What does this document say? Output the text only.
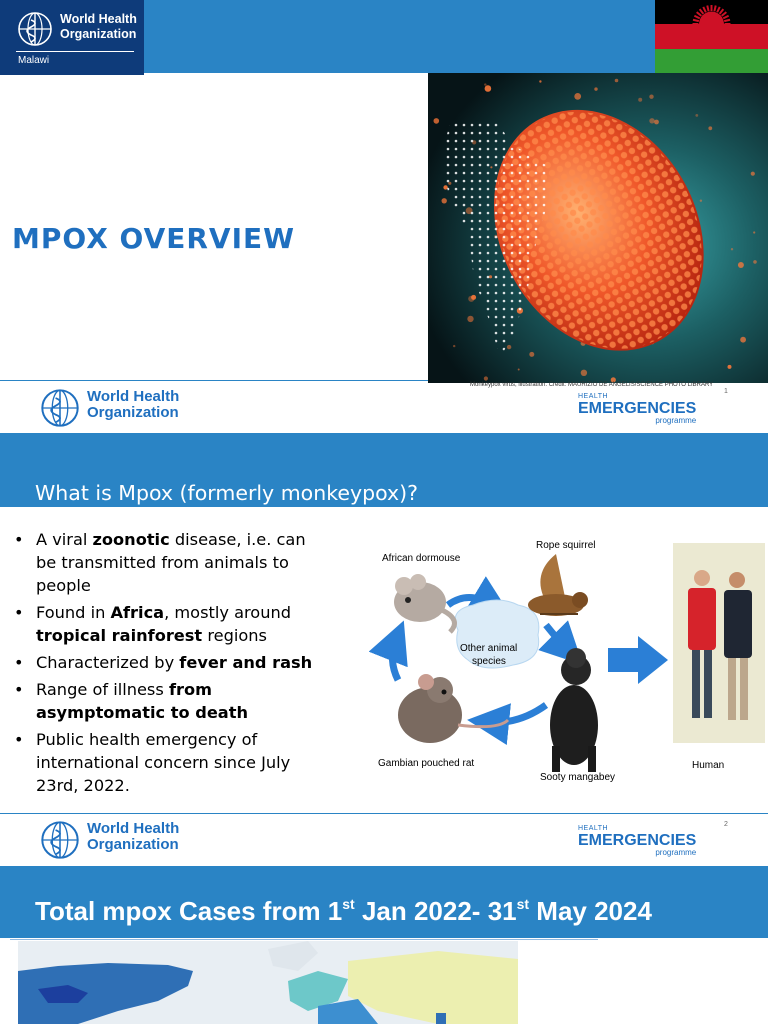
World Health
Organization
Malawi
MPOX OVERVIEW
Monkeypox virus, illustration. Credit: MAURIZIO DE ANGELIS/SCIENCE PHOTO LIBRARY
1
World Health
Organization
HEALTH
EMERGENCIES
programme
What is Mpox (formerly monkeypox)?
• A viral zoonotic disease, i.e. can be transmitted from animals to people
• Found in Africa, mostly around tropical rainforest regions
• Characterized by fever and rash
• Range of illness from asymptomatic to death
• Public health emergency of international concern since July 23rd, 2022.
Other animal
species
African dormouse
Rope squirrel
Gambian pouched rat
Sooty mangabey
Human
2
World Health
Organization
HEALTH
EMERGENCIES
programme
Total mpox Cases from 1st Jan 2022- 31st May 2024
